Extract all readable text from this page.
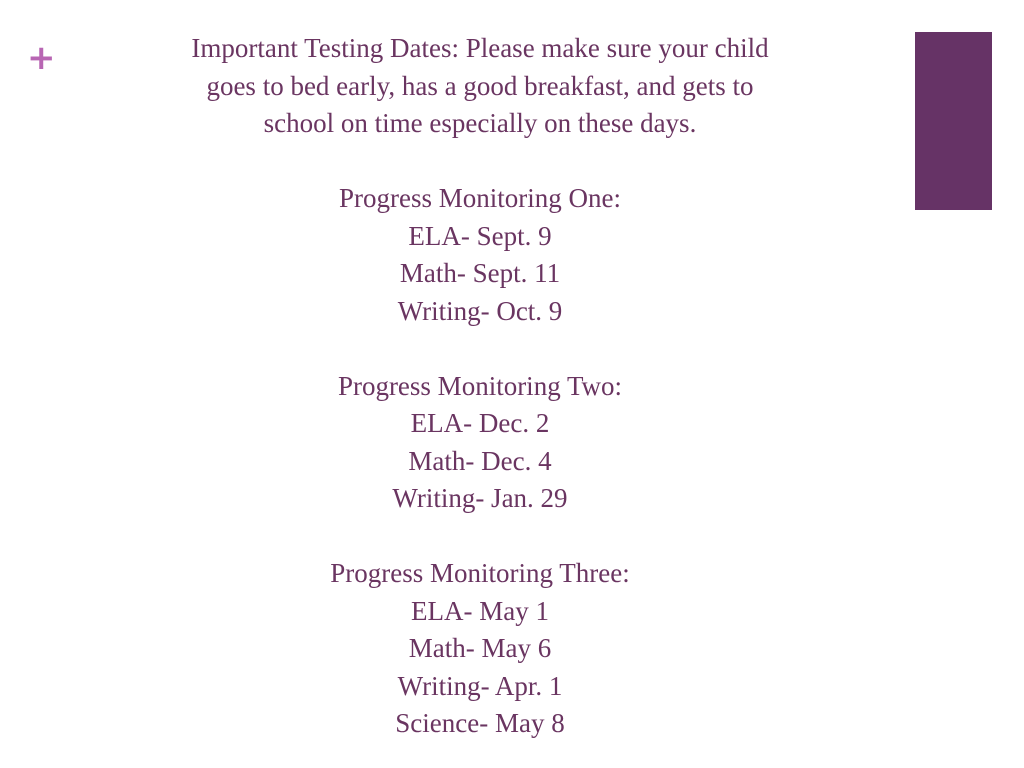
+	Important Testing Dates: Please make sure your child
goes to bed early, has a good breakfast, and gets to
school on time especially on these days.
Progress Monitoring One:
ELA- Sept. 9
Math- Sept. 11
Writing- Oct. 9
Progress Monitoring Two:
ELA- Dec. 2
Math- Dec. 4
Writing- Jan. 29
Progress Monitoring Three:
ELA- May 1
Math- May 6
Writing- Apr. 1
Science- May 8
